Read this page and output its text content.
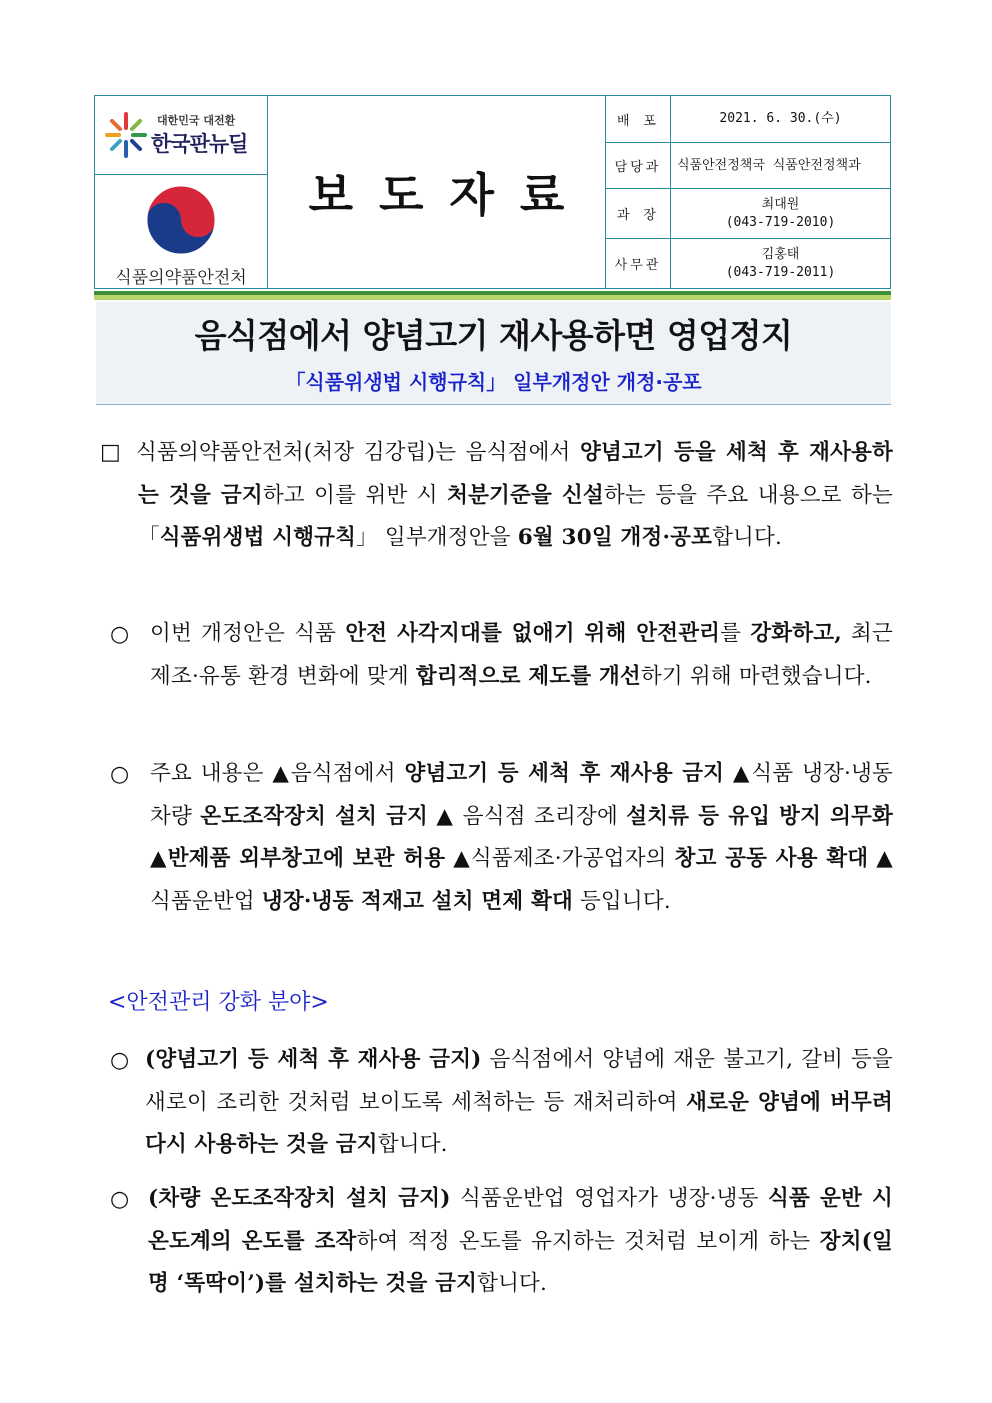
대한민국 대전환
한국판뉴딜
식품의약품안전처
보도자료
배 포	2021. 6. 30.(수)
담당과	식품안전정책국 식품안전정책과
과 장
최대원
(043-719-2010)
사무관
김홍태
(043-719-2011)
음식점에서 양념고기 재사용하면 영업정지
「식품위생법 시행규칙」 일부개정안 개정·공포
□ 식품의약품안전처(처장 김강립)는 음식점에서 양념고기 등을 세척 후 재사용하는 것을 금지하고 이를 위반 시 처분기준을 신설하는 등을 주요 내용으로 하는 「식품위생법 시행규칙」 일부개정안을 6월 30일 개정·공포합니다.
○ 이번 개정안은 식품 안전 사각지대를 없애기 위해 안전관리를 강화하고, 최근 제조·유통 환경 변화에 맞게 합리적으로 제도를 개선하기 위해 마련했습니다.
○ 주요 내용은 ▲음식점에서 양념고기 등 세척 후 재사용 금지 ▲식품 냉장·냉동차량 온도조작장치 설치 금지 ▲ 음식점 조리장에 설치류 등 유입 방지 의무화 ▲반제품 외부창고에 보관 허용 ▲식품제조·가공업자의 창고 공동 사용 확대 ▲식품운반업 냉장·냉동 적재고 설치 면제 확대 등입니다.
<안전관리 강화 분야>
○ (양념고기 등 세척 후 재사용 금지) 음식점에서 양념에 재운 불고기, 갈비 등을 새로이 조리한 것처럼 보이도록 세척하는 등 재처리하여 새로운 양념에 버무려 다시 사용하는 것을 금지합니다.
○ (차량 온도조작장치 설치 금지) 식품운반업 영업자가 냉장·냉동 식품 운반 시 온도계의 온도를 조작하여 적정 온도를 유지하는 것처럼 보이게 하는 장치(일명 ‘똑딱이’)를 설치하는 것을 금지합니다.
